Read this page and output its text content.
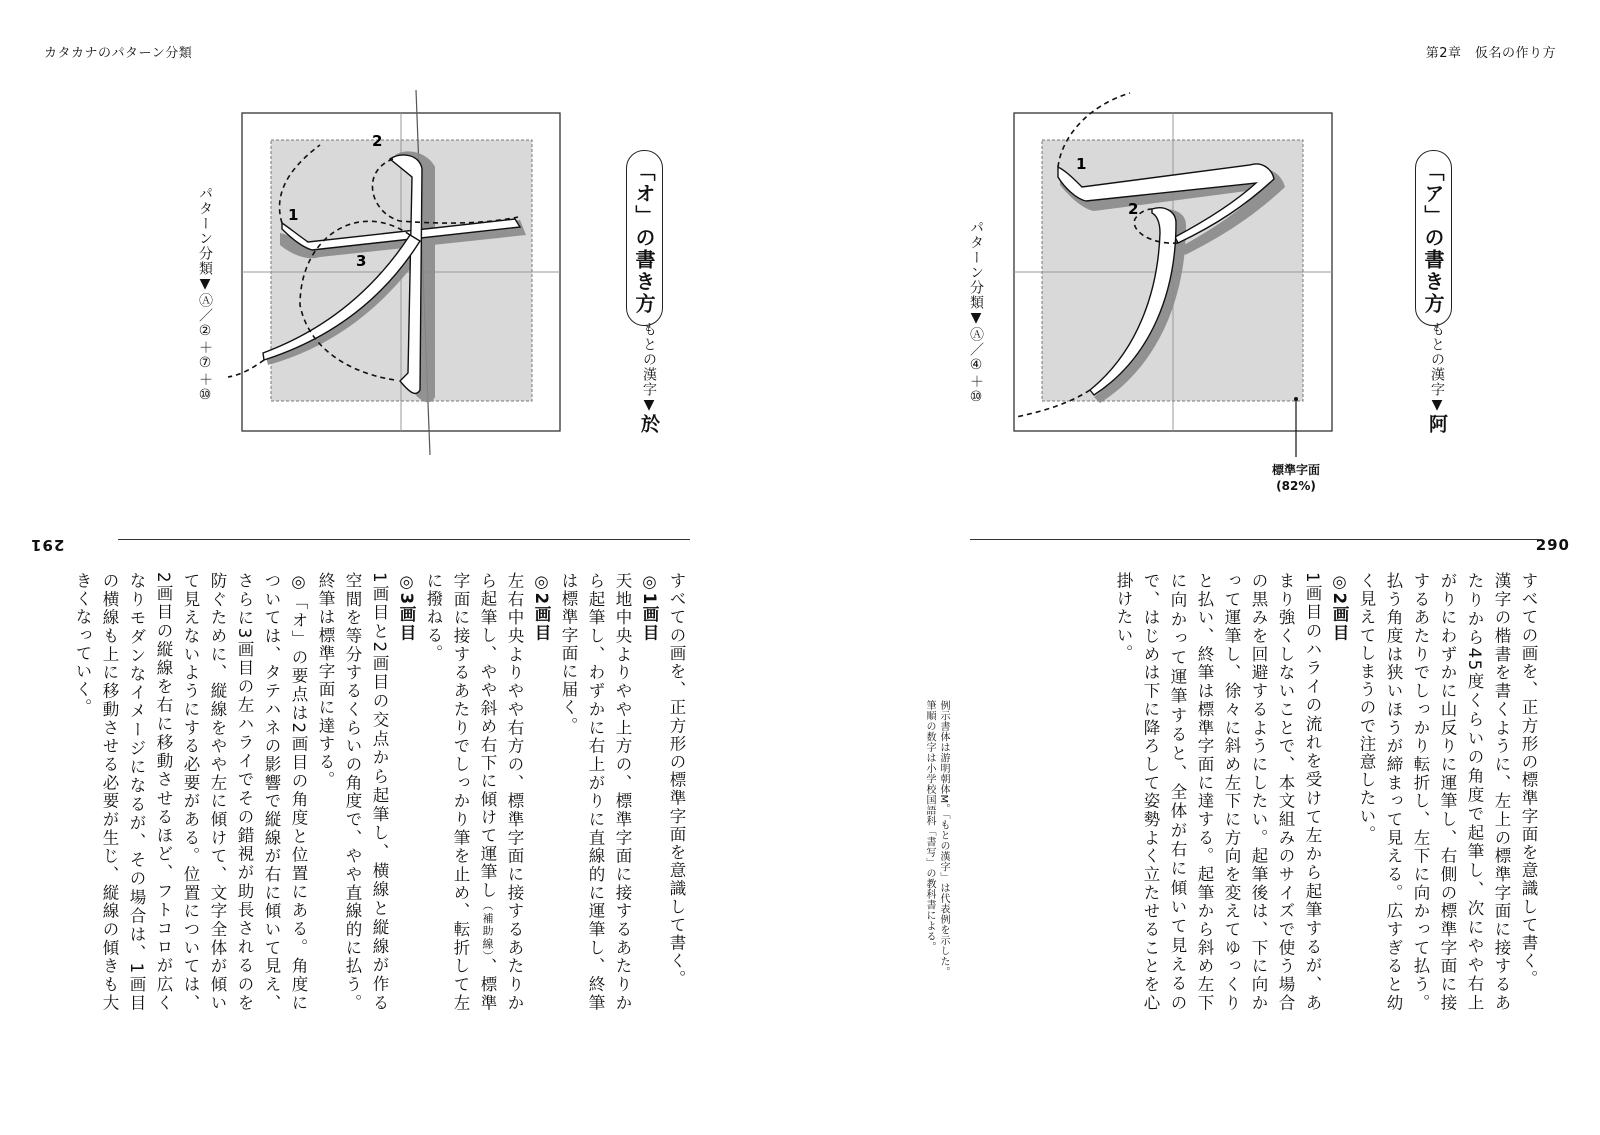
カタカナのパターン分類
1
2
3
パターン分類▼Ⓐ／②＋⑦＋⑩	「オ」の書き方
もとの漢字▼於
291

すべての画を、正方形の標準字面を意識して書く。

◎1画目

天地中央よりやや上方の、標準字面に接するあたりから起筆し、わずかに右上がりに直線的に運筆し、終筆は標準字面に届く。

◎2画目

左右中央よりやや右方の、標準字面に接するあたりから起筆し、やや斜め右下に傾けて運筆し（補助線）、標準字面に接するあたりでしっかり筆を止め、転折して左に撥ねる。

◎3画目

1画目と2画目の交点から起筆し、横線と縦線が作る空間を等分するくらいの角度で、やや直線的に払う。終筆は標準字面に達する。

◎「オ」の要点は2画目の角度と位置にある。角度については、タテハネの影響で縦線が右に傾いて見え、さらに3画目の左ハライでその錯視が助長されるのを防ぐために、縦線をやや左に傾けて、文字全体が傾いて見えないようにする必要がある。位置については、2画目の縦線を右に移動させるほど、フトコロが広くなりモダンなイメージになるが、その場合は、1画目の横線も上に移動させる必要が生じ、縦線の傾きも大きくなっていく。

第2章　仮名の作り方
1
2
標準字面
(82%)
パターン分類▼Ⓐ／④＋⑩	「ア」の書き方
もとの漢字▼阿
290
例示書体は游明朝体M。「もとの漢字」は代表例を示した。
筆順の数字は小学校国語科「書写」の教科書による。	すべての画を、正方形の標準字面を意識して書く。

漢字の楷書を書くように、左上の標準字面に接するあたりから45度くらいの角度で起筆し、次にやや右上がりにわずかに山反りに運筆し、右側の標準字面に接するあたりでしっかり転折し、左下に向かって払う。払う角度は狭いほうが締まって見える。広すぎると幼く見えてしまうので注意したい。

◎2画目

1画目のハライの流れを受けて左から起筆するが、あまり強くしないことで、本文組みのサイズで使う場合の黒みを回避するようにしたい。起筆後は、下に向かって運筆し、徐々に斜め左下に方向を変えてゆっくりと払い、終筆は標準字面に達する。起筆から斜め左下に向かって運筆すると、全体が右に傾いて見えるので、はじめは下に降ろして姿勢よく立たせることを心掛けたい。
